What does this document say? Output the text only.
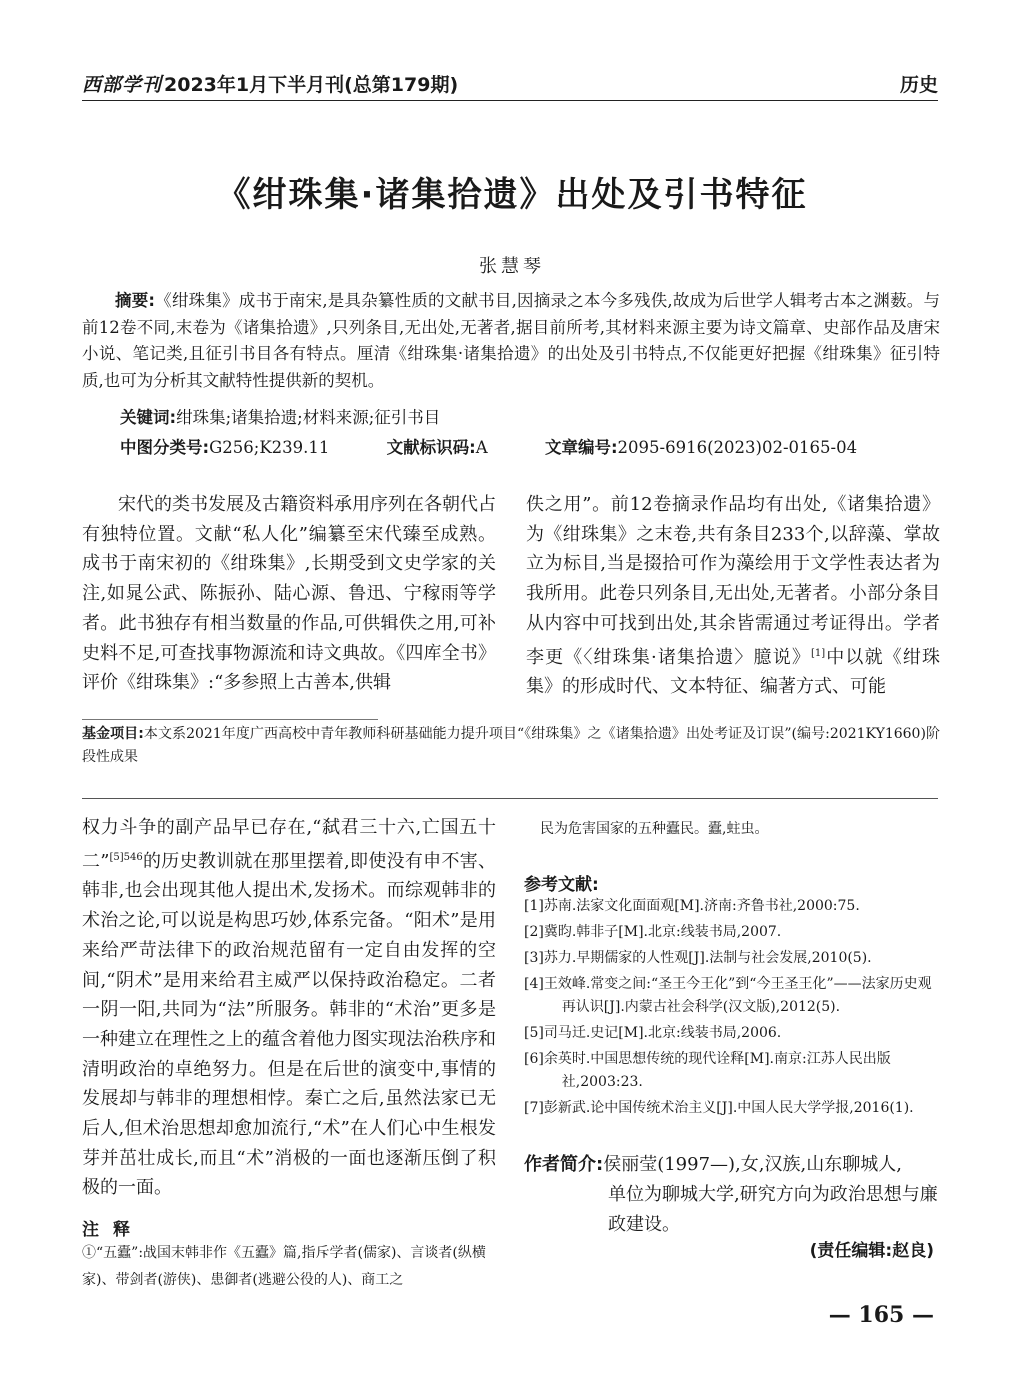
西部学刊 2023年1月下半月刊(总第179期)	历史
《绀珠集·诸集拾遗》出处及引书特征
张慧琴

摘要:《绀珠集》成书于南宋,是具杂纂性质的文献书目,因摘录之本今多残佚,故成为后世学人辑考古本之渊薮。与前12卷不同,末卷为《诸集拾遗》,只列条目,无出处,无著者,据目前所考,其材料来源主要为诗文篇章、史部作品及唐宋小说、笔记类,且征引书目各有特点。厘清《绀珠集·诸集拾遗》的出处及引书特点,不仅能更好把握《绀珠集》征引特质,也可为分析其文献特性提供新的契机。

关键词:绀珠集;诸集拾遗;材料来源;征引书目
中图分类号:G256;K239.11	文献标识码:A	文章编号:2095-6916(2023)02-0165-04

宋代的类书发展及古籍资料承用序列在各朝代占有独特位置。文献“私人化”编纂至宋代臻至成熟。成书于南宋初的《绀珠集》,长期受到文史学家的关注,如晁公武、陈振孙、陆心源、鲁迅、宁稼雨等学者。此书独存有相当数量的作品,可供辑佚之用,可补史料不足,可查找事物源流和诗文典故。《四库全书》评价《绀珠集》:“多参照上古善本,供辑

佚之用”。前12卷摘录作品均有出处,《诸集拾遗》为《绀珠集》之末卷,共有条目233个,以辞藻、掌故立为标目,当是掇拾可作为藻绘用于文学性表达者为我所用。此卷只列条目,无出处,无著者。小部分条目从内容中可找到出处,其余皆需通过考证得出。学者李更《〈绀珠集·诸集拾遗〉臆说》[1]中以就《绀珠集》的形成时代、文本特征、编著方式、可能

基金项目:本文系2021年度广西高校中青年教师科研基础能力提升项目“《绀珠集》之《诸集拾遗》出处考证及订误”(编号:2021KY1660)阶段性成果

权力斗争的副产品早已存在,“弑君三十六,亡国五十二”$^{[5]546}$的历史教训就在那里摆着,即使没有申不害、韩非,也会出现其他人提出术,发扬术。而综观韩非的术治之论,可以说是构思巧妙,体系完备。“阳术”是用来给严苛法律下的政治规范留有一定自由发挥的空间,“阴术”是用来给君主威严以保持政治稳定。二者一阴一阳,共同为“法”所服务。韩非的“术治”更多是一种建立在理性之上的蕴含着他力图实现法治秩序和清明政治的卓绝努力。但是在后世的演变中,事情的发展却与韩非的理想相悖。秦亡之后,虽然法家已无后人,但术治思想却愈加流行,“术”在人们心中生根发芽并茁壮成长,而且“术”消极的一面也逐渐压倒了积极的一面。

注释

①“五蠹”:战国末韩非作《五蠹》篇,指斥学者(儒家)、言谈者(纵横家)、带剑者(游侠)、患御者(逃避公役的人)、商工之

民为危害国家的五种蠹民。蠹,蛀虫。
参考文献:
[1]苏南.法家文化面面观[M].济南:齐鲁书社,2000:75.
[2]冀昀.韩非子[M].北京:线装书局,2007.
[3]苏力.早期儒家的人性观[J].法制与社会发展,2010(5).
[4]王效峰.常变之间:“圣王今王化”到“今王圣王化”——法家历史观再认识[J].内蒙古社会科学(汉文版),2012(5).
[5]司马迁.史记[M].北京:线装书局,2006.
[6]余英时.中国思想传统的现代诠释[M].南京:江苏人民出版社,2003:23.
[7]彭新武.论中国传统术治主义[J].中国人民大学学报,2016(1).
作者简介:侯丽莹(1997—),女,汉族,山东聊城人,
单位为聊城大学,研究方向为政治思想与廉政建设。
(责任编辑:赵良)
— 165 —
